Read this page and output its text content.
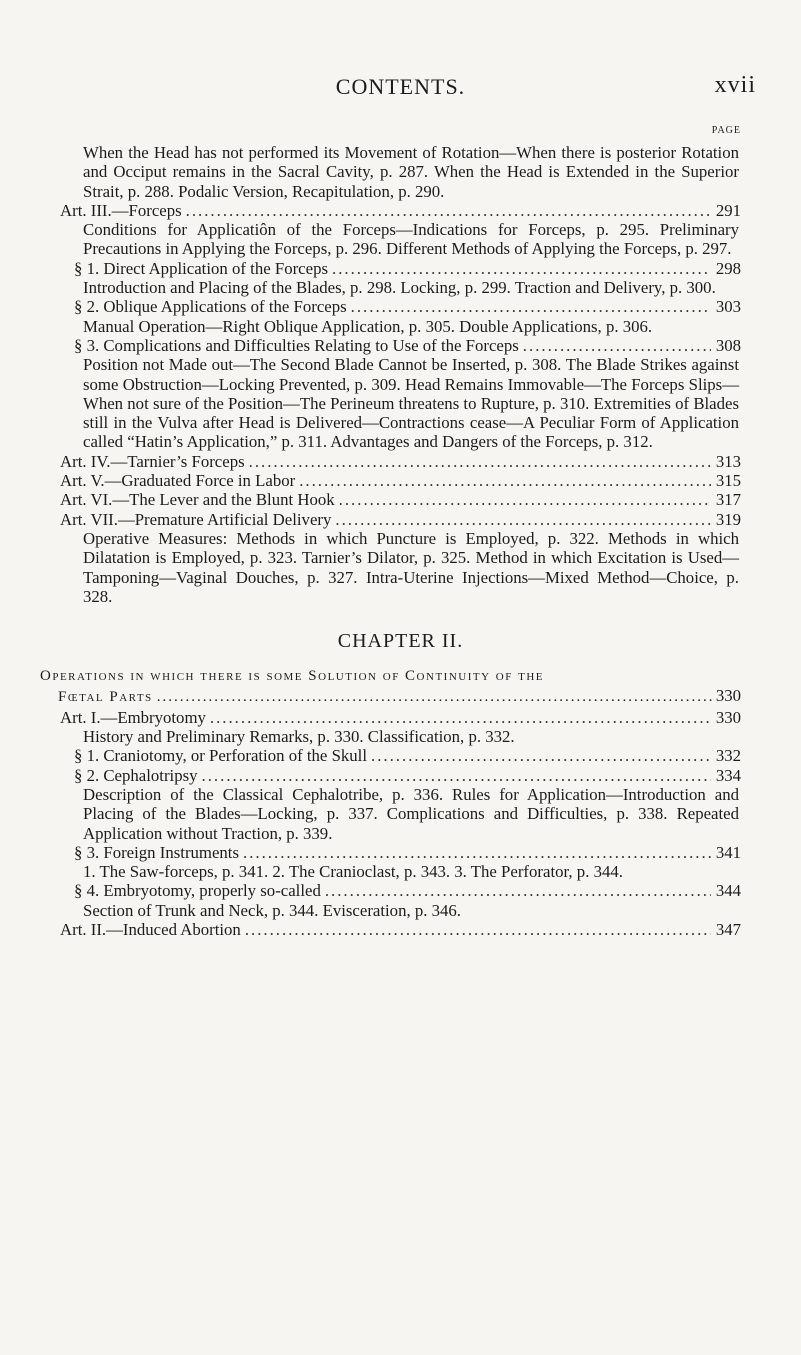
CONTENTS.	xvii
PAGE
When the Head has not performed its Movement of Rotation—When there is posterior Rotation and Occiput remains in the Sacral Cavity, p. 287. When the Head is Extended in the Superior Strait, p. 288. Podalic Version, Recapitulation, p. 290.
Art. III.—Forceps .....	291
Conditions for Applicatiôn of the Forceps—Indications for Forceps, p. 295. Preliminary Precautions in Applying the Forceps, p. 296. Different Methods of Applying the Forceps, p. 297.
§ 1. Direct Application of the Forceps .....	298
Introduction and Placing of the Blades, p. 298. Locking, p. 299. Traction and Delivery, p. 300.
§ 2. Oblique Applications of the Forceps .....	303
Manual Operation—Right Oblique Application, p. 305. Double Applications, p. 306.
§ 3. Complications and Difficulties Relating to Use of the Forceps .....	308
Position not Made out—The Second Blade Cannot be Inserted, p. 308. The Blade Strikes against some Obstruction—Locking Prevented, p. 309. Head Remains Immovable—The Forceps Slips—When not sure of the Position—The Perineum threatens to Rupture, p. 310. Extremities of Blades still in the Vulva after Head is Delivered—Contractions cease—A Peculiar Form of Application called “Hatin’s Application,” p. 311. Advantages and Dangers of the Forceps, p. 312.
Art. IV.—Tarnier’s Forceps .....	313
Art. V.—Graduated Force in Labor .....	315
Art. VI.—The Lever and the Blunt Hook .....	317
Art. VII.—Premature Artificial Delivery .....	319
Operative Measures: Methods in which Puncture is Employed, p. 322. Methods in which Dilatation is Employed, p. 323. Tarnier’s Dilator, p. 325. Method in which Excitation is Used—Tamponing—Vaginal Douches, p. 327. Intra-Uterine Injections—Mixed Method—Choice, p. 328.
CHAPTER II.
Operations in which there is some Solution of Continuity of the
Fœtal Parts .....	330
Art. I.—Embryotomy .....	330
History and Preliminary Remarks, p. 330. Classification, p. 332.
§ 1. Craniotomy, or Perforation of the Skull .....	332
§ 2. Cephalotripsy .....	334
Description of the Classical Cephalotribe, p. 336. Rules for Application—Introduction and Placing of the Blades—Locking, p. 337. Complications and Difficulties, p. 338. Repeated Application without Traction, p. 339.
§ 3. Foreign Instruments .....	341
1. The Saw-forceps, p. 341. 2. The Cranioclast, p. 343. 3. The Perforator, p. 344.
§ 4. Embryotomy, properly so-called .....	344
Section of Trunk and Neck, p. 344. Evisceration, p. 346.
Art. II.—Induced Abortion .....	347
